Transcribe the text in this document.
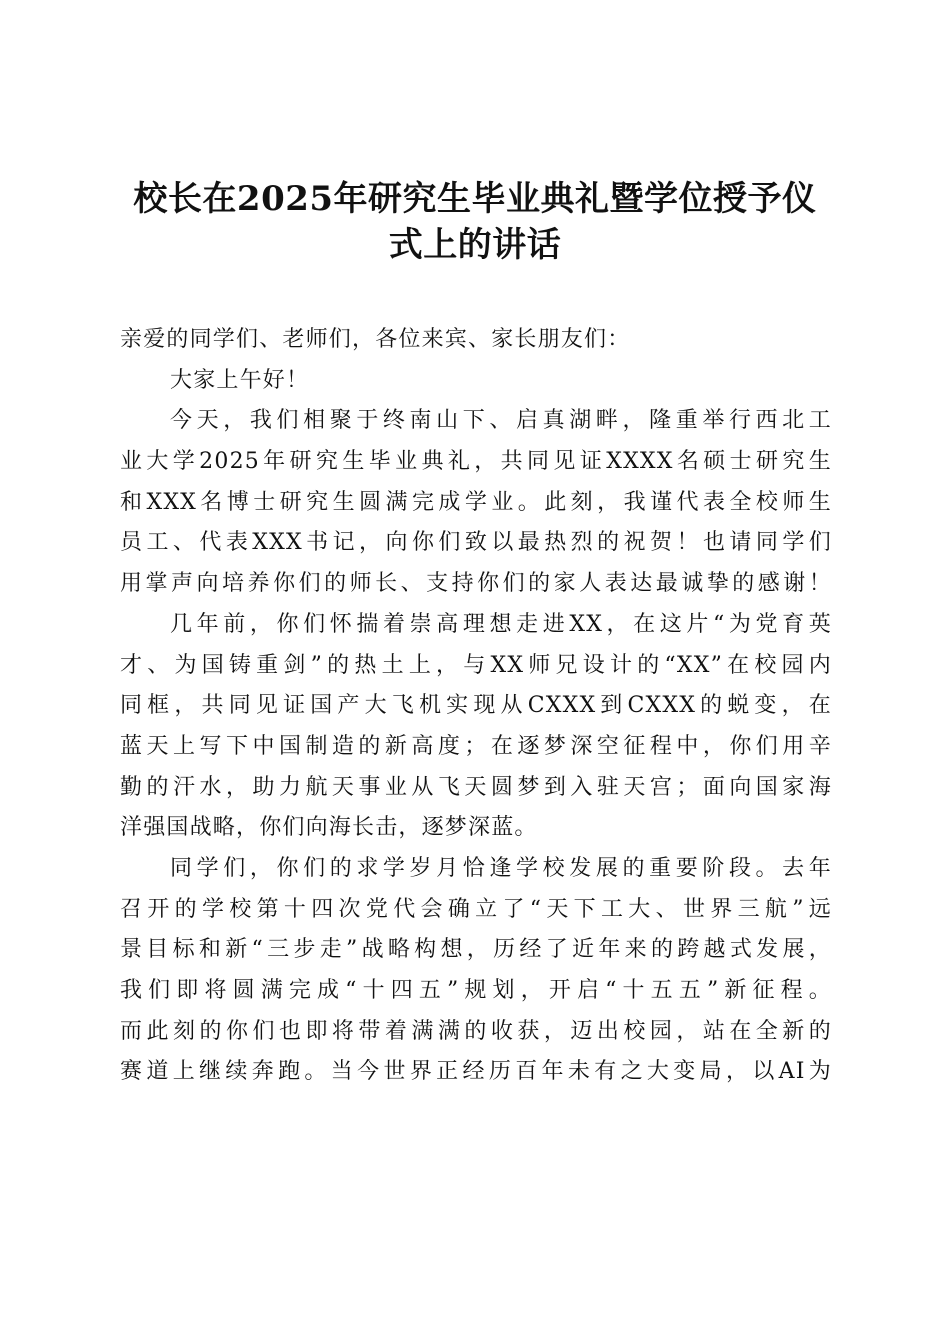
校长在2025年研究生毕业典礼暨学位授予仪
式上的讲话
亲爱的同学们、老师们，各位来宾、家长朋友们：
大家上午好！
今天，我们相聚于终南山下、启真湖畔，隆重举行西北工
业大学2025年研究生毕业典礼，共同见证XXXX名硕士研究生
和XXX名博士研究生圆满完成学业。此刻，我谨代表全校师生
员工、代表XXX书记，向你们致以最热烈的祝贺！也请同学们
用掌声向培养你们的师长、支持你们的家人表达最诚挚的感谢！
几年前，你们怀揣着崇高理想走进XX，在这片“为党育英
才、为国铸重剑”的热土上，与XX师兄设计的“XX”在校园内
同框，共同见证国产大飞机实现从CXXX到CXXX的蜕变，在
蓝天上写下中国制造的新高度；在逐梦深空征程中，你们用辛
勤的汗水，助力航天事业从飞天圆梦到入驻天宫；面向国家海
洋强国战略，你们向海长击，逐梦深蓝。
同学们，你们的求学岁月恰逢学校发展的重要阶段。去年
召开的学校第十四次党代会确立了“天下工大、世界三航”远
景目标和新“三步走”战略构想，历经了近年来的跨越式发展，
我们即将圆满完成“十四五”规划，开启“十五五”新征程。
而此刻的你们也即将带着满满的收获，迈出校园，站在全新的
赛道上继续奔跑。当今世界正经历百年未有之大变局，以AI为
